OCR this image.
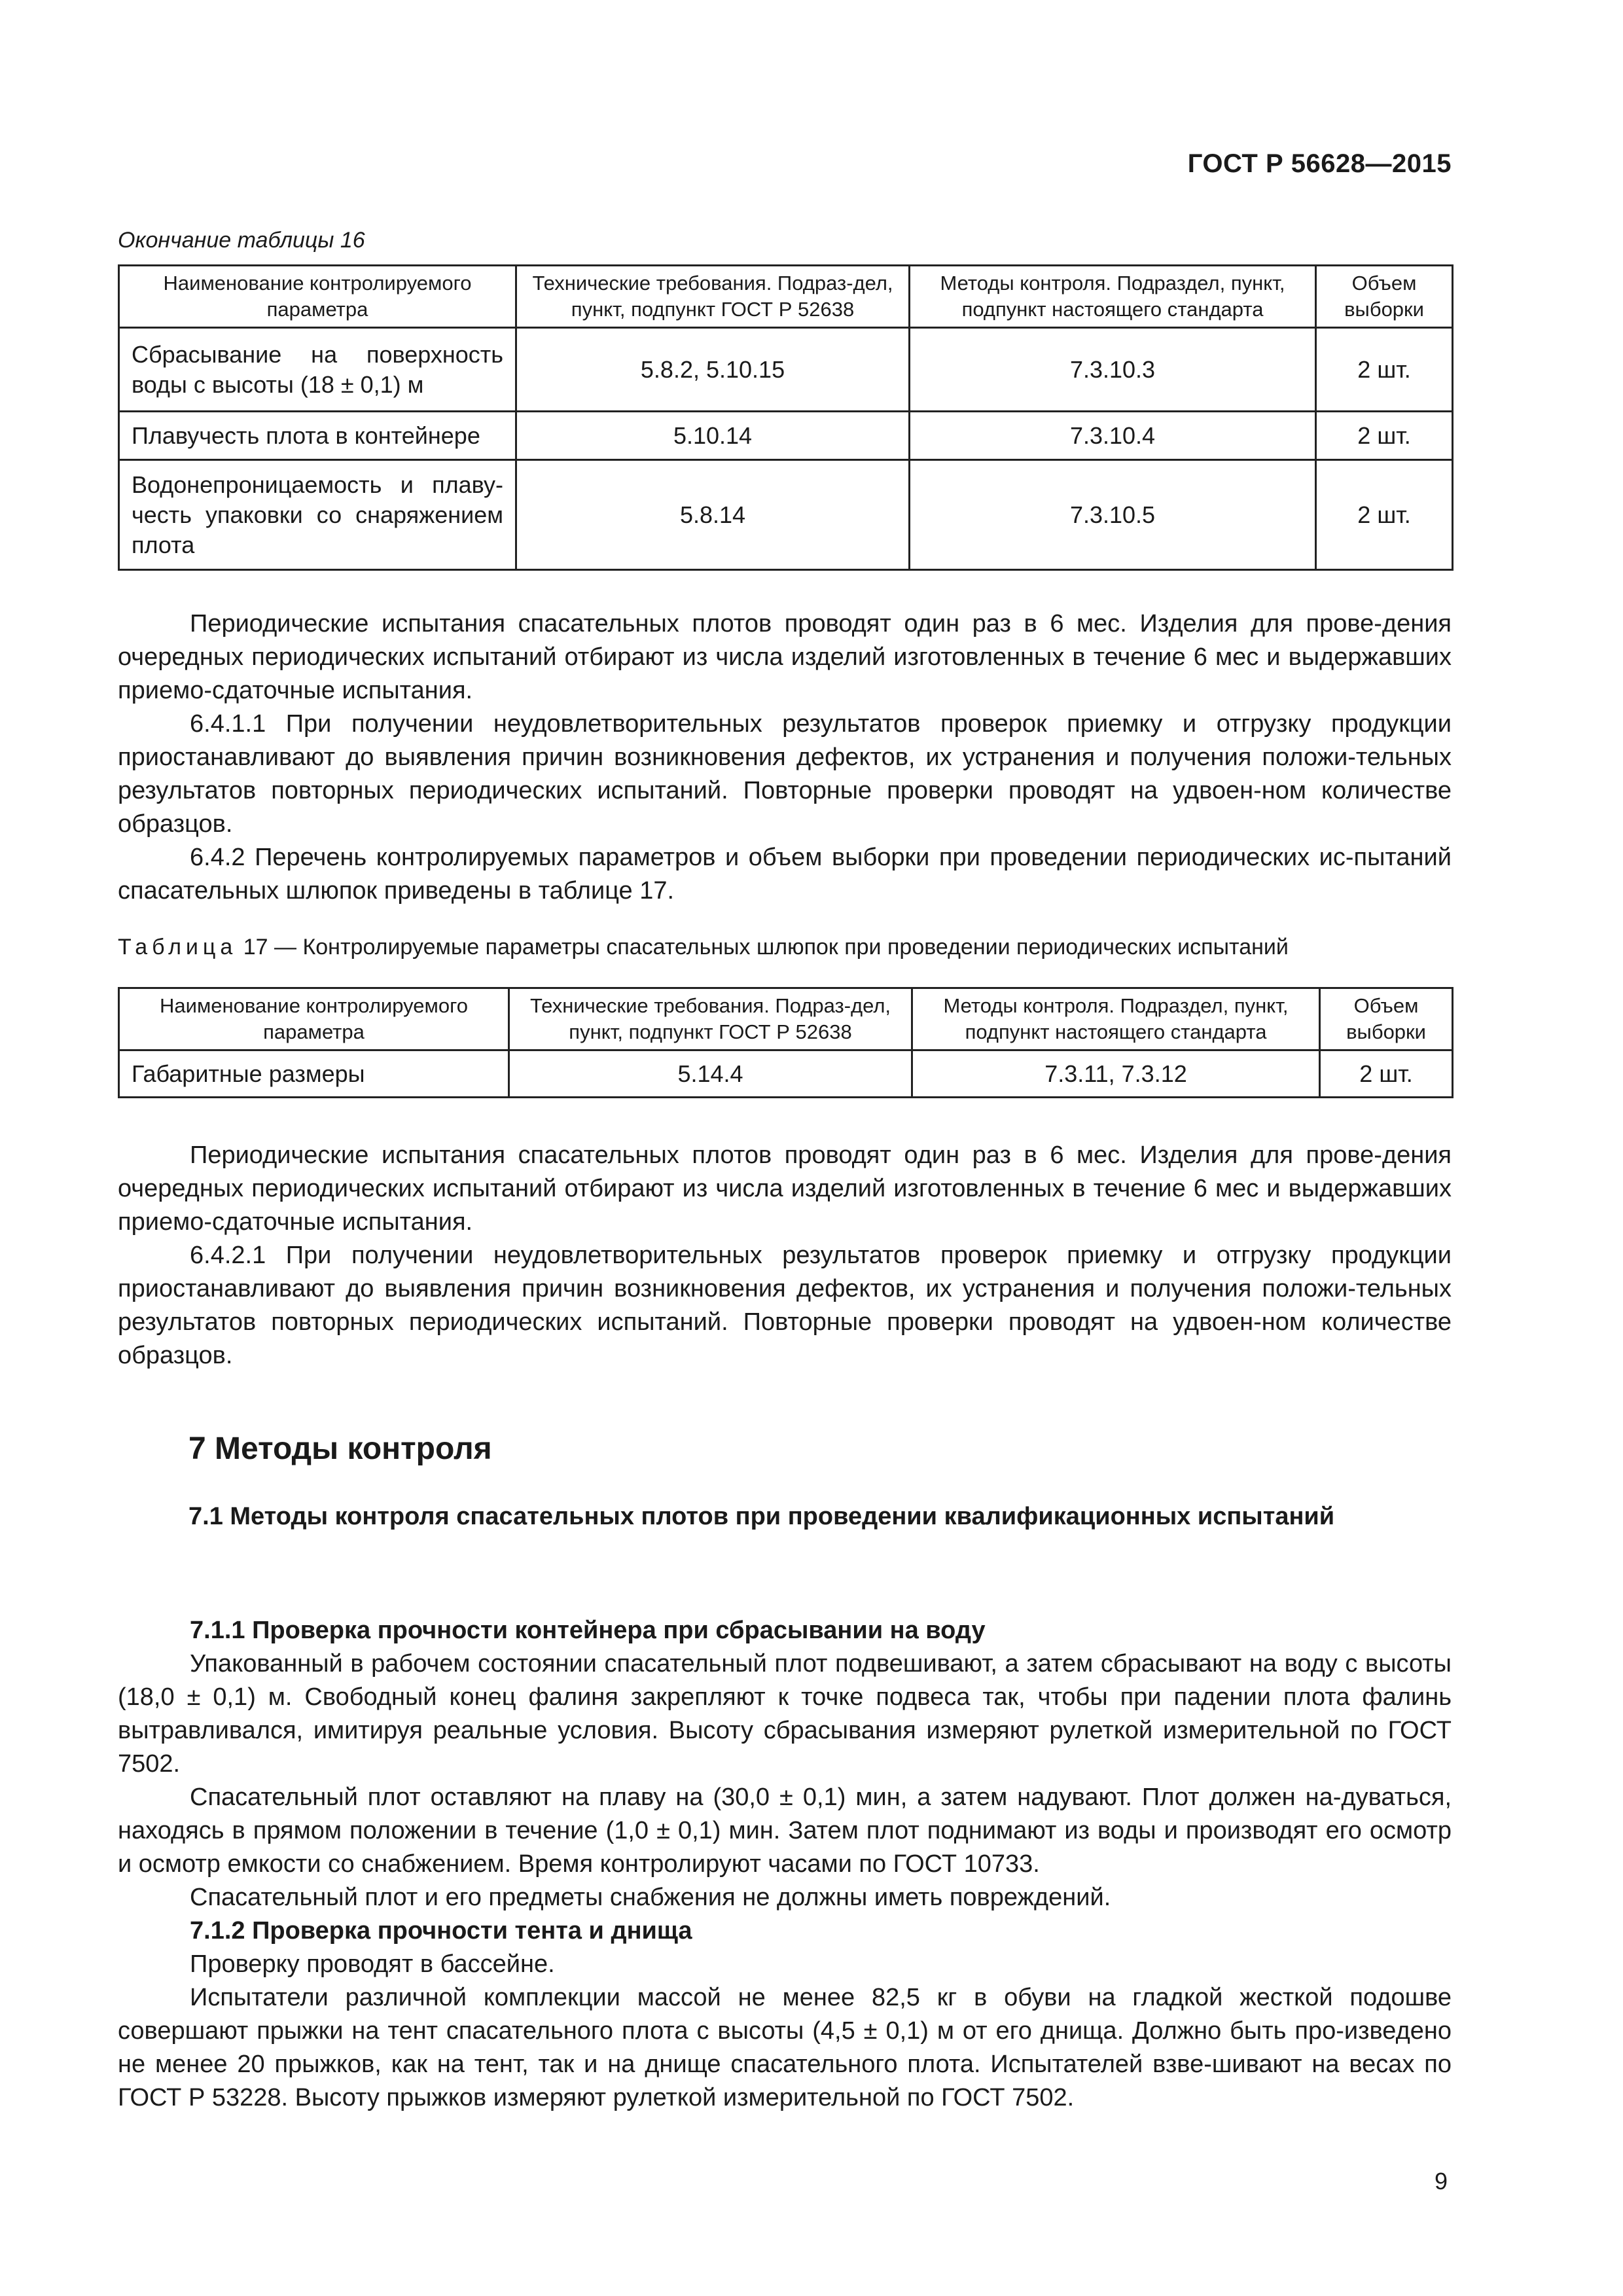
ГОСТ Р 56628—2015
Окончание таблицы 16
Наименование контролируемого параметра	Технические требования. Подраз-дел, пункт, подпункт ГОСТ Р 52638	Методы контроля. Подраздел, пункт, подпункт настоящего стандарта	Объем выборки
Сбрасывание на поверхность воды с высоты (18 ± 0,1) м	5.8.2, 5.10.15	7.3.10.3	2 шт.
Плавучесть плота в контейнере	5.10.14	7.3.10.4	2 шт.
Водонепроницаемость и плаву-честь упаковки со снаряжением плота	5.8.14	7.3.10.5	2 шт.

Периодические испытания спасательных плотов проводят один раз в 6 мес. Изделия для прове-дения очередных периодических испытаний отбирают из числа изделий изготовленных в течение 6 мес и выдержавших приемо-сдаточные испытания.

6.4.1.1 При получении неудовлетворительных результатов проверок приемку и отгрузку продукции приостанавливают до выявления причин возникновения дефектов, их устранения и получения положи-тельных результатов повторных периодических испытаний. Повторные проверки проводят на удвоен-ном количестве образцов.

6.4.2 Перечень контролируемых параметров и объем выборки при проведении периодических ис-пытаний спасательных шлюпок приведены в таблице 17.

Таблица 17 — Контролируемые параметры спасательных шлюпок при проведении периодических испытаний
Наименование контролируемого параметра	Технические требования. Подраз-дел, пункт, подпункт ГОСТ Р 52638	Методы контроля. Подраздел, пункт, подпункт настоящего стандарта	Объем выборки
Габаритные размеры	5.14.4	7.3.11, 7.3.12	2 шт.

Периодические испытания спасательных плотов проводят один раз в 6 мес. Изделия для прове-дения очередных периодических испытаний отбирают из числа изделий изготовленных в течение 6 мес и выдержавших приемо-сдаточные испытания.

6.4.2.1 При получении неудовлетворительных результатов проверок приемку и отгрузку продукции приостанавливают до выявления причин возникновения дефектов, их устранения и получения положи-тельных результатов повторных периодических испытаний. Повторные проверки проводят на удвоен-ном количестве образцов.

7 Методы контроля
7.1 Методы контроля спасательных плотов при проведении квалификационных испытаний

7.1.1 Проверка прочности контейнера при сбрасывании на воду

Упакованный в рабочем состоянии спасательный плот подвешивают, а затем сбрасывают на воду с высоты (18,0 ± 0,1) м. Свободный конец фалиня закрепляют к точке подвеса так, чтобы при падении плота фалинь вытравливался, имитируя реальные условия. Высоту сбрасывания измеряют рулеткой измерительной по ГОСТ 7502.

Спасательный плот оставляют на плаву на (30,0 ± 0,1) мин, а затем надувают. Плот должен на-дуваться, находясь в прямом положении в течение (1,0 ± 0,1) мин. Затем плот поднимают из воды и производят его осмотр и осмотр емкости со снабжением. Время контролируют часами по ГОСТ 10733.

Спасательный плот и его предметы снабжения не должны иметь повреждений.

7.1.2 Проверка прочности тента и днища

Проверку проводят в бассейне.

Испытатели различной комплекции массой не менее 82,5 кг в обуви на гладкой жесткой подошве совершают прыжки на тент спасательного плота с высоты (4,5 ± 0,1) м от его днища. Должно быть про-изведено не менее 20 прыжков, как на тент, так и на днище спасательного плота. Испытателей взве-шивают на весах по ГОСТ Р 53228. Высоту прыжков измеряют рулеткой измерительной по ГОСТ 7502.

9
